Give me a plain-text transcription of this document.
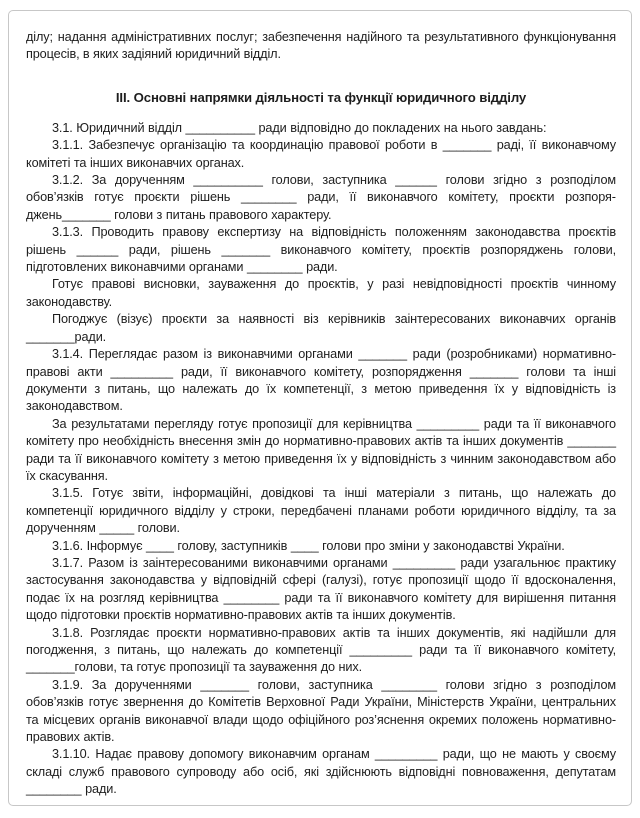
ділу; надання адміністративних послуг; забезпечення надійного та результативного функціонування процесів, в яких задіяний юридичний відділ.

III. Основні напрямки діяльності та функції юридичного відділу

3.1. Юридичний відділ __________ ради відповідно до покладених на нього завдань:

3.1.1. Забезпечує організацію та координацію правової роботи в _______ раді, її виконавчому комітеті та інших виконавчих органах.

3.1.2. За дорученням __________ голови, заступника ______ голови згідно з розподілом обов’язків готує проєкти рішень ________ ради, її виконавчого комітету, проєкти розпоряджень_______ голови з питань правового характеру.

3.1.3. Проводить правову експертизу на відповідність положенням законодавства проєктів рішень ______ ради, рішень _______ виконавчого комітету, проєктів розпоряджень голови, підготовлених виконавчими органами ________ ради.

Готує правові висновки, зауваження до проєктів, у разі невідповідності проєктів чинному законодавству.

Погоджує (візує) проєкти за наявності віз керівників заінтересованих виконавчих органів _______ради.

3.1.4. Переглядає разом із виконавчими органами _______ ради (розробниками) нормативно-правові акти _________ ради, її виконавчого комітету, розпорядження _______ голови та інші документи з питань, що належать до їх компетенції, з метою приведення їх у відповідність із законодавством.

За результатами перегляду готує пропозиції для керівництва _________ ради та її виконавчого комітету про необхідність внесення змін до нормативно-правових актів та інших документів _______ ради та її виконавчого комітету з метою приведення їх у відповідність з чинним законодавством або їх скасування.

3.1.5. Готує звіти, інформаційні, довідкові та інші матеріали з питань, що належать до компетенції юридичного відділу у строки, передбачені планами роботи юридичного відділу, та за дорученням _____ голови.

3.1.6. Інформує ____ голову, заступників ____ голови про зміни у законодавстві України.

3.1.7. Разом із заінтересованими виконавчими органами _________ ради узагальнює практику застосування законодавства у відповідній сфері (галузі), готує пропозиції щодо її вдосконалення, подає їх на розгляд керівництва ________ ради та її виконавчого комітету для вирішення питання щодо підготовки проєктів нормативно-правових актів та інших документів.

3.1.8. Розглядає проєкти нормативно-правових актів та інших документів, які надійшли для погодження, з питань, що належать до компетенції _________ ради та її виконавчого комітету, _______голови, та готує пропозиції та зауваження до них.

3.1.9. За дорученнями _______ голови, заступника ________ голови згідно з розподілом обов’язків готує звернення до Комітетів Верховної Ради України, Міністерств України, центральних та місцевих органів виконавчої влади щодо офіційного роз’яснення окремих положень нормативно-правових актів.

3.1.10. Надає правову допомогу виконавчим органам _________ ради, що не мають у своєму складі служб правового супроводу або осіб, які здійснюють відповідні повноваження, депутатам ________ ради.
